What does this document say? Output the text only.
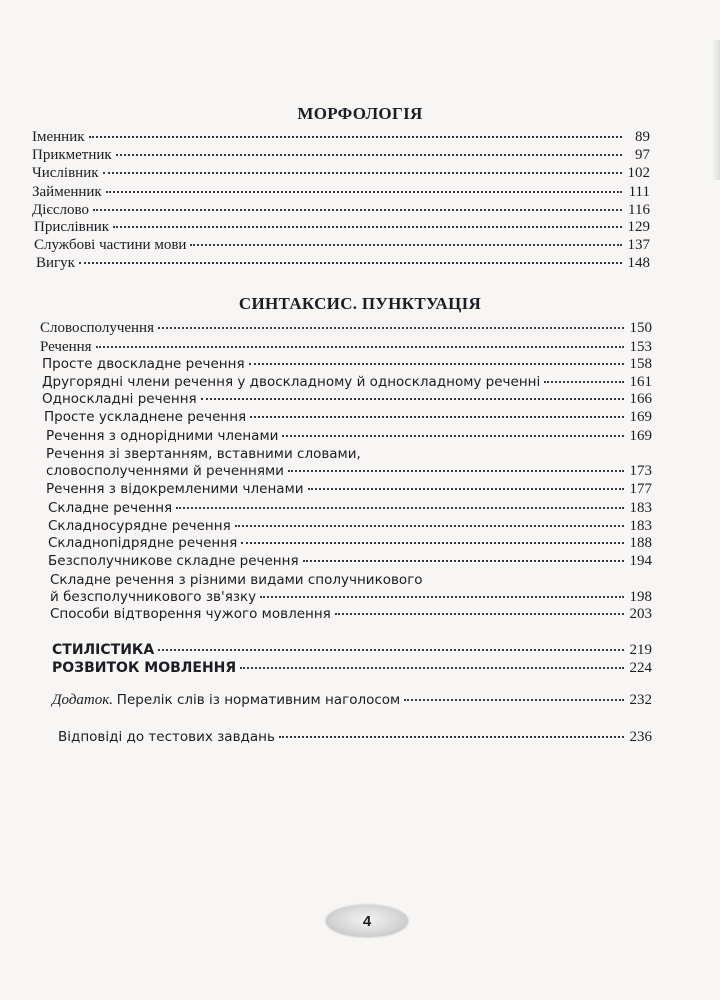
МОРФОЛОГІЯ
Іменник	89
Прикметник	97
Числівник	102
Займенник	111
Дієслово	116
Прислівник	129
Службові частини мови	137
Вигук	148
СИНТАКСИС. ПУНКТУАЦІЯ
Словосполучення	150
Речення	153
Просте двоскладне речення	158
Другорядні члени речення у двоскладному й односкладному реченні	161
Односкладні речення	166
Просте ускладнене речення	169
Речення з однорідними членами	169
Речення зі звертанням, вставними словами,
словосполученнями й реченнями	173
Речення з відокремленими членами	177
Складне речення	183
Складносурядне речення	183
Складнопідрядне речення	188
Безсполучникове складне речення	194
Складне речення з різними видами сполучникового
й безсполучникового зв'язку	198
Способи відтворення чужого мовлення	203
СТИЛІСТИКА	219
РОЗВИТОК МОВЛЕННЯ	224
Додаток. Перелік слів із нормативним наголосом	232
Відповіді до тестових завдань	236
4
